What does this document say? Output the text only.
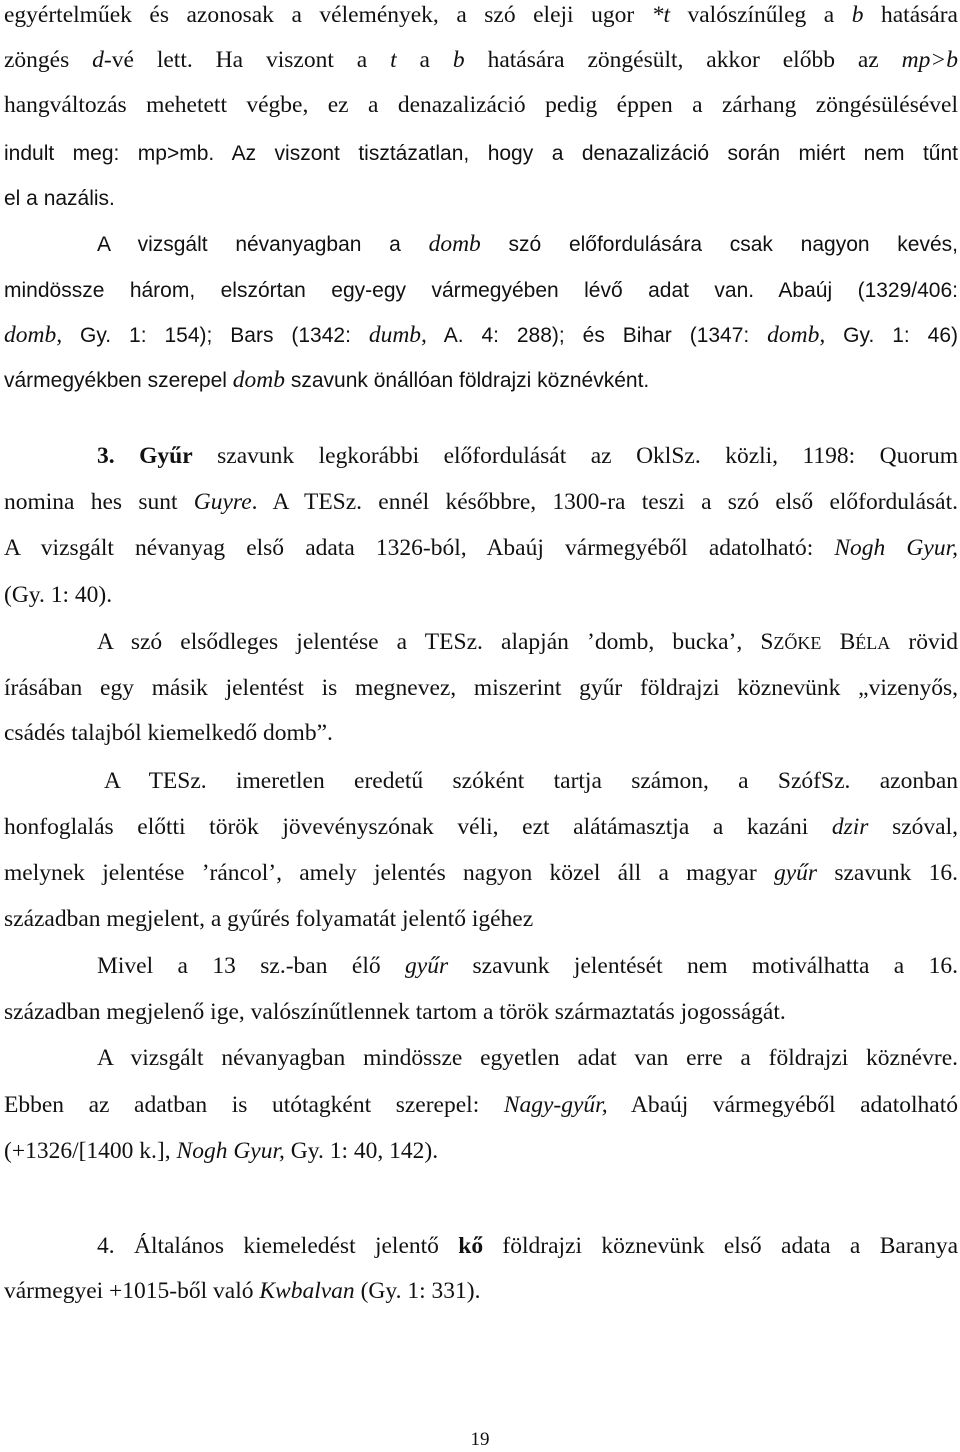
egyértelműek és azonosak a vélemények, a szó eleji ugor *t valószínűleg a b hatására
zöngés d-vé lett. Ha viszont a t a b hatására zöngésült, akkor előbb az mp>b
hangváltozás mehetett végbe, ez a denazalizáció pedig éppen a zárhang zöngésülésével
indult meg: mp>mb. Az viszont tisztázatlan, hogy a denazalizáció során miért nem tűnt
el a nazális.
A vizsgált névanyagban a domb szó előfordulására csak nagyon kevés,
mindössze három, elszórtan egy-egy vármegyében lévő adat van. Abaúj (1329/406:
domb, Gy. 1: 154); Bars (1342: dumb, A. 4: 288); és Bihar (1347: domb, Gy. 1: 46)
vármegyékben szerepel domb szavunk önállóan földrajzi köznévként.
3. Gyűr szavunk legkorábbi előfordulását az OklSz. közli, 1198: Quorum
nomina hes sunt Guyre. A TESz. ennél későbbre, 1300-ra teszi a szó első előfordulását.
A vizsgált névanyag első adata 1326-ból, Abaúj vármegyéből adatolható: Nogh Gyur,
(Gy. 1: 40).
A szó elsődleges jelentése a TESz. alapján ’domb, bucka’, SZŐKE BÉLA rövid
írásában egy másik jelentést is megnevez, miszerint gyűr földrajzi köznevünk „vizenyős,
csádés talajból kiemelkedő domb”.
A TESz. imeretlen eredetű szóként tartja számon, a SzófSz. azonban
honfoglalás előtti török jövevényszónak véli, ezt alátámasztja a kazáni dzir szóval,
melynek jelentése ’ráncol’, amely jelentés nagyon közel áll a magyar gyűr szavunk 16.
században megjelent, a gyűrés folyamatát jelentő igéhez
Mivel a 13 sz.-ban élő gyűr szavunk jelentését nem motiválhatta a 16.
században megjelenő ige, valószínűtlennek tartom a török származtatás jogosságát.
A vizsgált névanyagban mindössze egyetlen adat van erre a földrajzi köznévre.
Ebben az adatban is utótagként szerepel: Nagy-gyűr, Abaúj vármegyéből adatolható
(+1326/[1400 k.], Nogh Gyur, Gy. 1: 40, 142).
4. Általános kiemeledést jelentő kő földrajzi köznevünk első adata a Baranya
vármegyei +1015-ből való Kwbalvan (Gy. 1: 331).
19
